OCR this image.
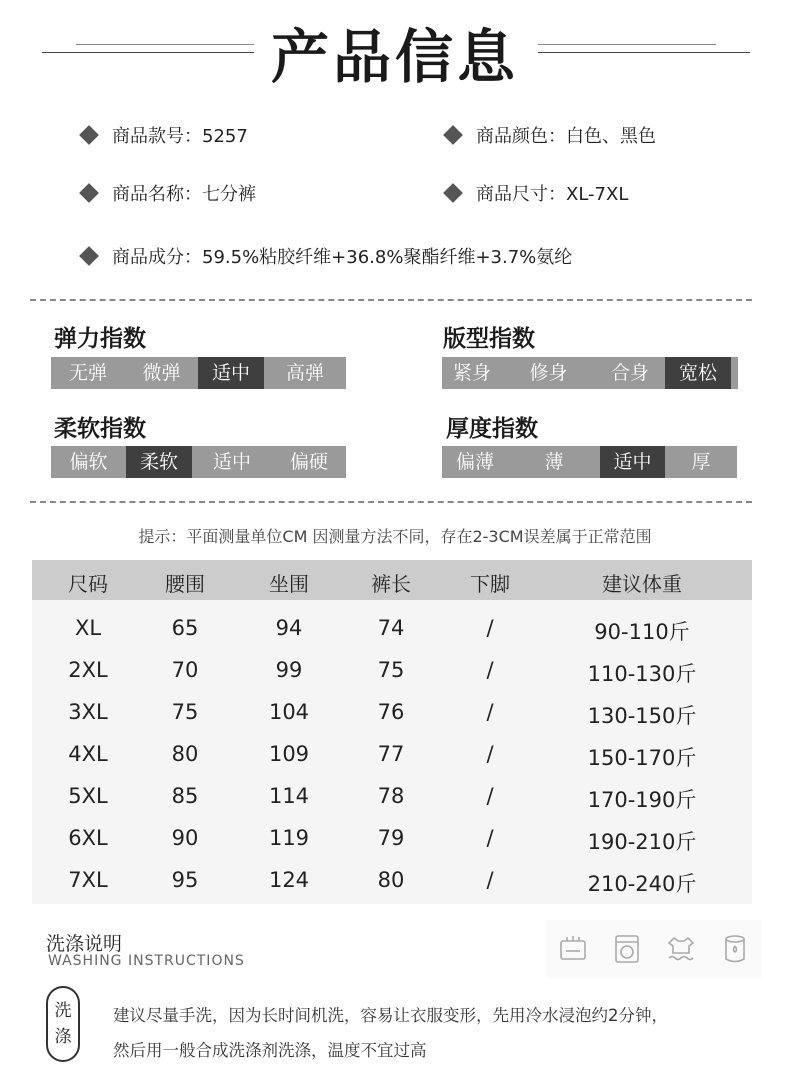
产品信息
商品款号：5257	商品颜色：白色、黑色
商品名称：七分裤	商品尺寸：XL-7XL
商品成分：59.5%粘胶纤维+36.8%聚酯纤维+3.7%氨纶
弹力指数
无弹	微弹	适中	高弹
版型指数
紧身	修身	合身	宽松
柔软指数
偏软	柔软	适中	偏硬
厚度指数
偏薄	薄	适中	厚
提示：平面测量单位CM 因测量方法不同，存在2-3CM误差属于正常范围
尺码	腰围	坐围	裤长	下脚	建议体重
XL	65	94	74	/	90-110斤
2XL	70	99	75	/	110-130斤
3XL	75	104	76	/	130-150斤
4XL	80	109	77	/	150-170斤
5XL	85	114	78	/	170-190斤
6XL	90	119	79	/	190-210斤
7XL	95	124	80	/	210-240斤
洗涤说明
WASHING INSTRUCTIONS
洗
涤
建议尽量手洗，因为长时间机洗，容易让衣服变形，先用冷水浸泡约2分钟，
然后用一般合成洗涤剂洗涤，温度不宜过高
